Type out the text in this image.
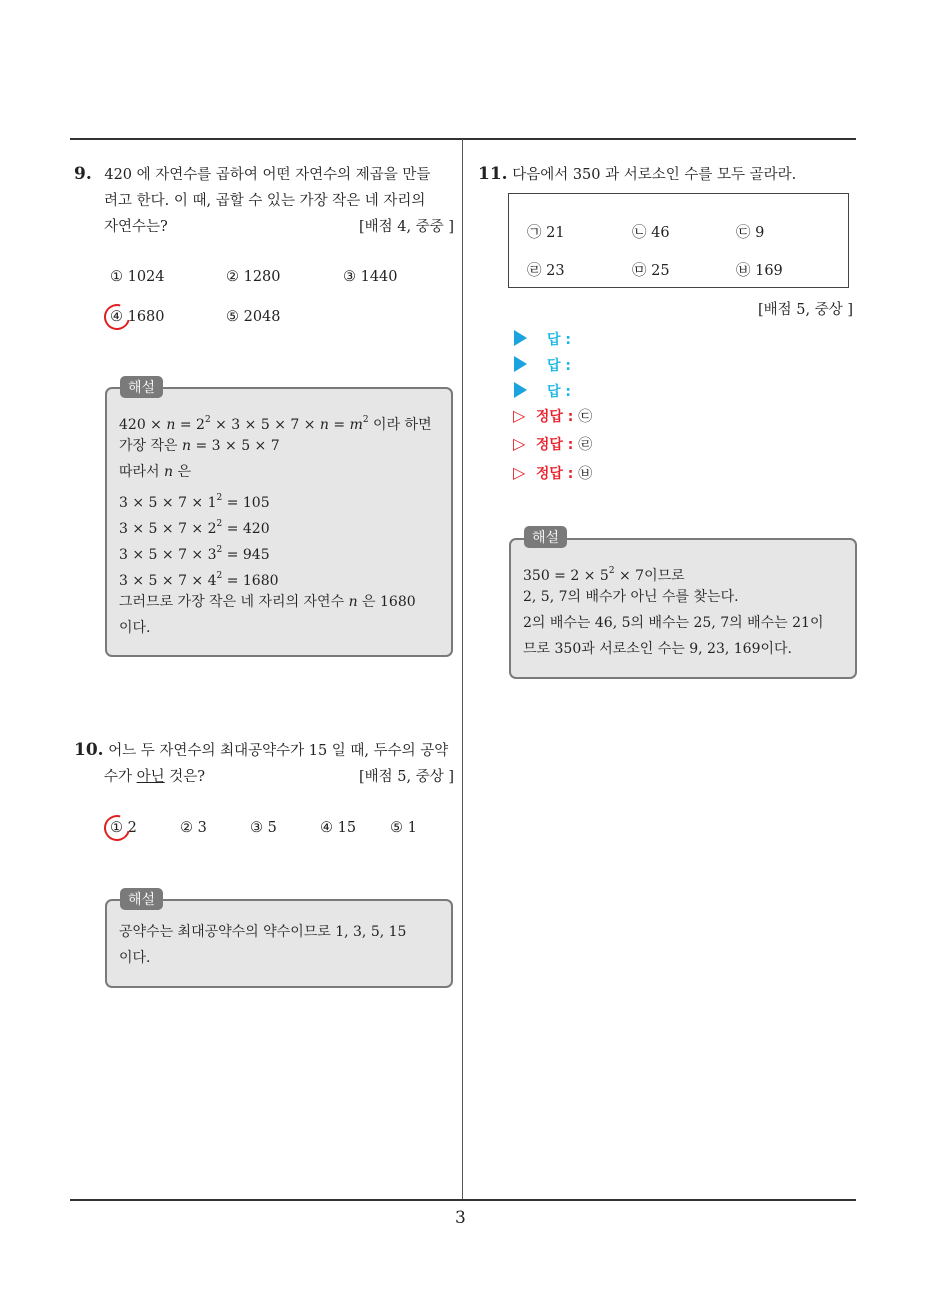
3
9. 420 에 자연수를 곱하여 어떤 자연수의 제곱을 만들
려고 한다. 이 때, 곱할 수 있는 가장 작은 네 자리의
자연수는?	[배점 4, 중중 ]
① 1024	② 1280	③ 1440
④ 1680	⑤ 2048
$420 \times n = 2^2 \times 3 \times 5 \times 7 \times n = m^2$ 이라 하면
가장 작은 n = 3 × 5 × 7
따라서 n 은
$3 \times 5 \times 7 \times 1^2 = 105$
$3 \times 5 \times 7 \times 2^2 = 420$
$3 \times 5 \times 7 \times 3^2 = 945$
$3 \times 5 \times 7 \times 4^2 = 1680$
그러므로 가장 작은 네 자리의 자연수 n 은 1680
이다.
해설
10. 어느 두 자연수의 최대공약수가 15 일 때, 두수의 공약
수가 아닌 것은?	[배점 5, 중상 ]
① 2	② 3	③ 5	④ 15 ⑤ 1
공약수는 최대공약수의 약수이므로 1, 3, 5, 15
이다.
해설
11. 다음에서 350 과 서로소인 수를 모두 골라라.
㉠ 21	㉡ 46	㉢ 9
㉣ 23	㉤ 25	㉥ 169
[배점 5, 중상 ]
답 :
답 :
답 :
▷ 정답 : ㉢
▷ 정답 : ㉣
▷ 정답 : ㉥
$350 = 2 \times 5^2 \times 7$이므로
2, 5, 7의 배수가 아닌 수를 찾는다.
2의 배수는 46, 5의 배수는 25, 7의 배수는 21이
므로 350과 서로소인 수는 9, 23, 169이다.
해설
